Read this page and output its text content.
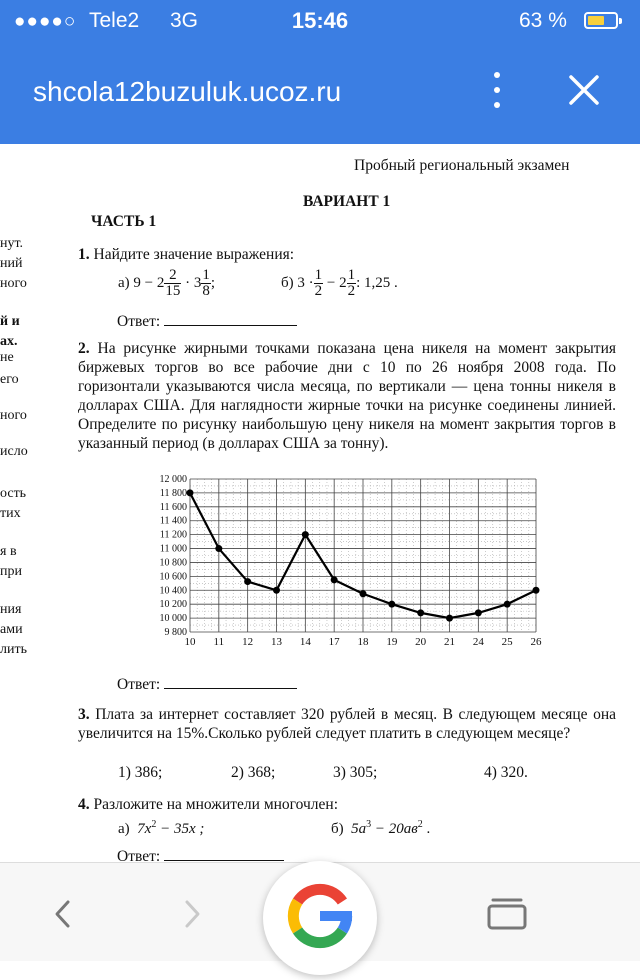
●●●●○ Tele2 3G	15:46	63 %
shcola12buzuluk.ucoz.ru
нут.
ний
ного
й и
ах.
не
его
ного
исло
ость
тих
я в
при
ния
ами
лить
Пробный региональный экзамен
ВАРИАНТ 1
ЧАСТЬ 1
1. Найдите значение выражения:
а) $9 - 2 \frac{2}{15} \cdot 3 \frac{1}{8}$ ;	б) $3 \cdot \frac{1}{2} - 2 \frac{1}{2}$ : 1,25 .
Ответ:
2. На рисунке жирными точками показана цена никеля на момент закрытия биржевых торгов во все рабочие дни с 10 по 26 ноября 2008 года. По горизонтали указываются числа месяца, по вертикали — цена тонны никеля в долларах США. Для наглядности жирные точки на рисунке соединены линией. Определите по рисунку наибольшую цену никеля на момент закрытия торгов в указанный период (в долларах США за тонну).
9 800
10 000
10 200
10 400
10 600
10 800
11 000
11 200
11 400
11 600
11 800
12 000
10 11 12 13 14 17 18 19 20 21 24 25 26
Ответ:
3. Плата за интернет составляет 320 рублей в месяц. В следующем месяце она увеличится на 15%.Сколько рублей следует платить в следующем месяце?
1) 386;	2) 368;	3) 305;	4) 320.
4. Разложите на множители многочлен:
а) $7x^2 - 35x$ ;	б) $5a^3 - 20ав^2$ .
Ответ:
